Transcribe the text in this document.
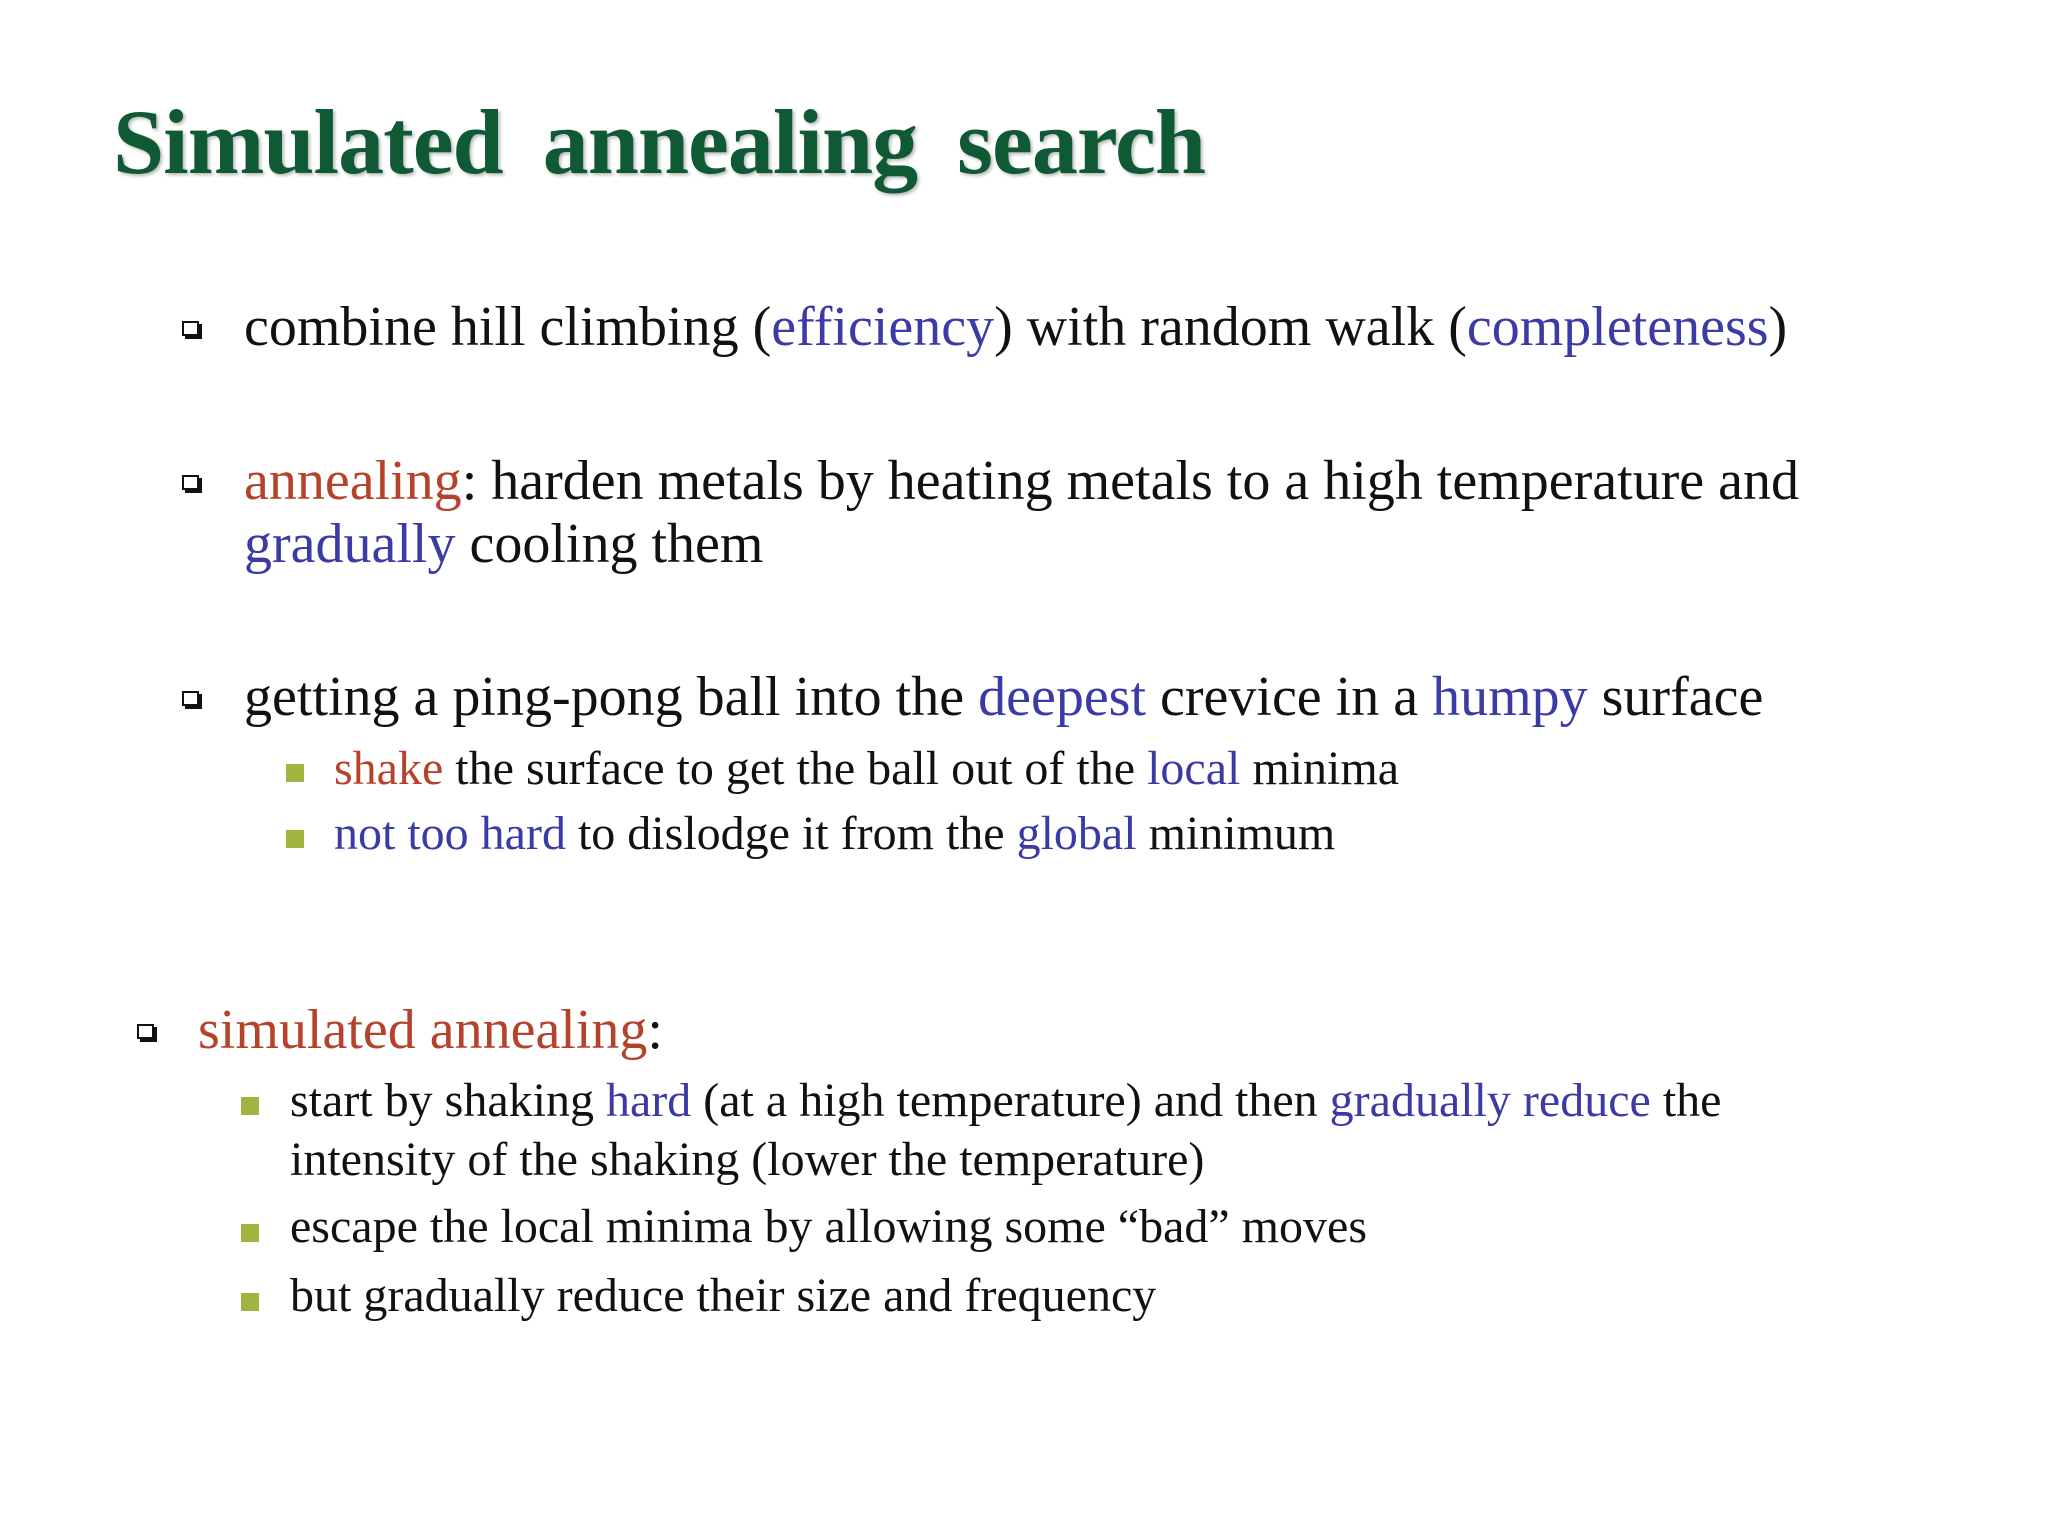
Simulated annealing search
combine hill climbing (efficiency) with random walk (completeness)
annealing: harden metals by heating metals to a high temperature and
gradually cooling them
getting a ping-pong ball into the deepest crevice in a humpy surface
shake the surface to get the ball out of the local minima
not too hard to dislodge it from the global minimum
simulated annealing:
start by shaking hard (at a high temperature) and then gradually reduce the
intensity of the shaking (lower the temperature)
escape the local minima by allowing some “bad” moves
but gradually reduce their size and frequency
